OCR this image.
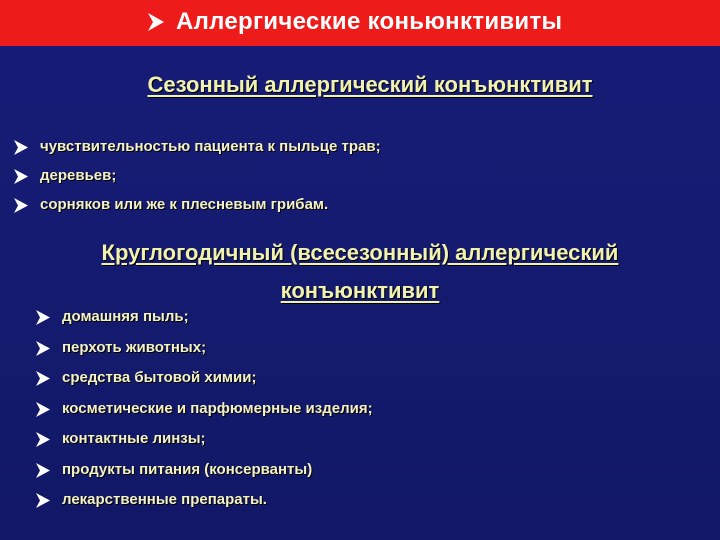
Аллергические коньюнктивиты
Сезонный аллергический конъюнктивит
чувствительностью пациента к пыльце трав;
деревьев;
сорняков или же к плесневым грибам.
Круглогодичный (всесезонный) аллергический
конъюнктивит
домашняя пыль;
перхоть животных;
средства бытовой химии;
косметические и парфюмерные изделия;
контактные линзы;
продукты питания (консерванты)
лекарственные препараты.
